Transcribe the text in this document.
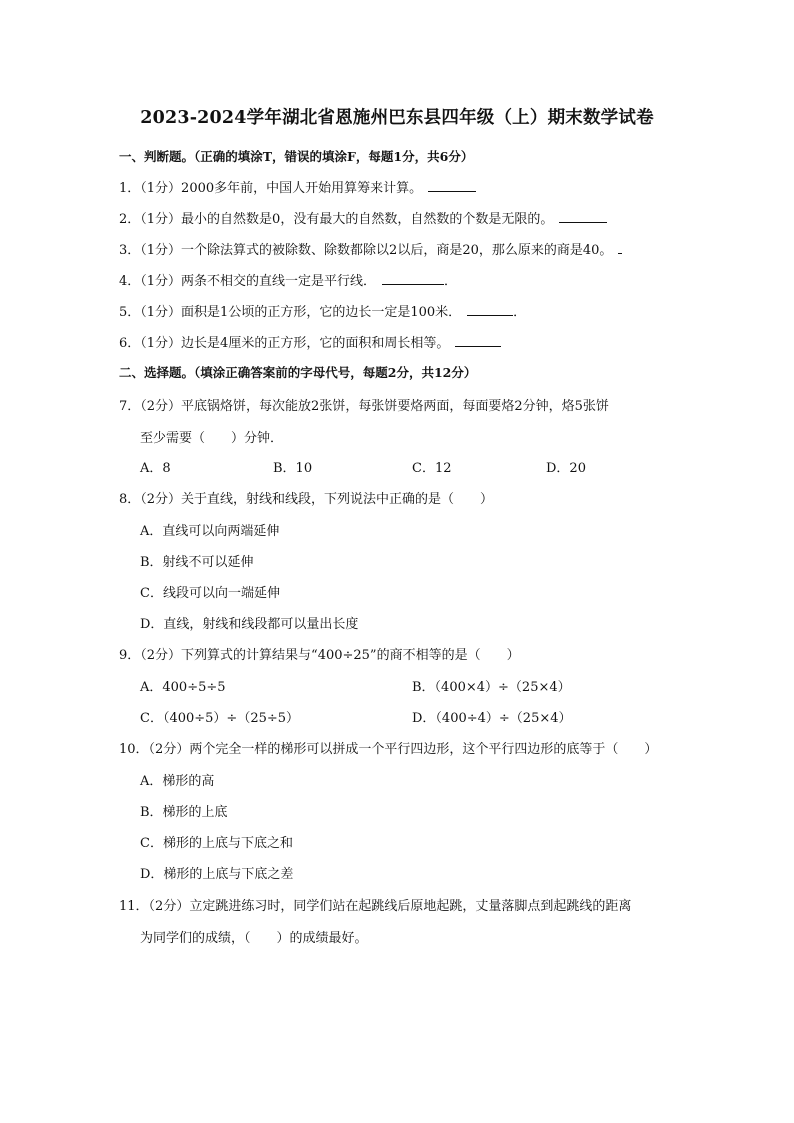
2023-2024学年湖北省恩施州巴东县四年级（上）期末数学试卷
一、判断题。（正确的填涂T，错误的填涂F，每题1分，共6分）
1．（1分）2000多年前，中国人开始用算筹来计算。
2．（1分）最小的自然数是0，没有最大的自然数，自然数的个数是无限的。
3．（1分）一个除法算式的被除数、除数都除以2以后，商是20，那么原来的商是40。
4．（1分）两条不相交的直线一定是平行线．	．
5．（1分）面积是1公顷的正方形，它的边长一定是100米．	．
6．（1分）边长是4厘米的正方形，它的面积和周长相等。
二、选择题。（填涂正确答案前的字母代号，每题2分，共12分）
7．（2分）平底锅烙饼，每次能放2张饼，每张饼要烙两面，每面要烙2分钟，烙5张饼
至少需要（　　）分钟．
A．8	B．10	C．12	D．20
8．（2分）关于直线，射线和线段，下列说法中正确的是（　　）
A．直线可以向两端延伸
B．射线不可以延伸
C．线段可以向一端延伸
D．直线，射线和线段都可以量出长度
9．（2分）下列算式的计算结果与“400÷25”的商不相等的是（　　）
A．400÷5÷5	B．（400×4）÷（25×4）
C．（400÷5）÷（25÷5）	D．（400÷4）÷（25×4）
10．（2分）两个完全一样的梯形可以拼成一个平行四边形，这个平行四边形的底等于（　　）
A．梯形的高
B．梯形的上底
C．梯形的上底与下底之和
D．梯形的上底与下底之差
11．（2分）立定跳进练习时，同学们站在起跳线后原地起跳，丈量落脚点到起跳线的距离
为同学们的成绩，（　　）的成绩最好。
